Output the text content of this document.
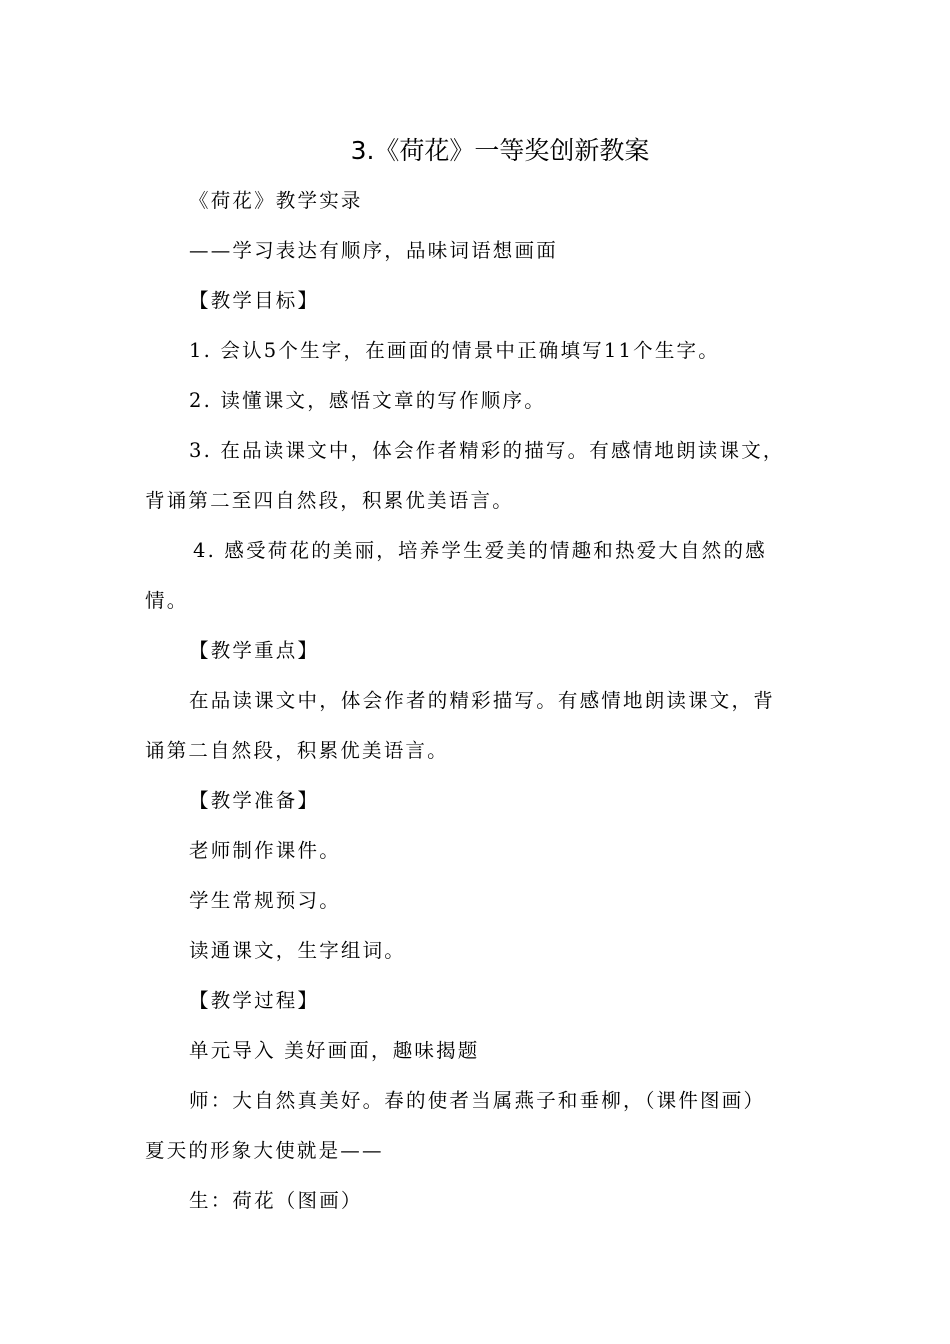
3.《荷花》一等奖创新教案

《荷花》教学实录

——学习表达有顺序，品味词语想画面

【教学目标】

1. 会认5个生字，在画面的情景中正确填写11个生字。

2. 读懂课文，感悟文章的写作顺序。

3. 在品读课文中，体会作者精彩的描写。有感情地朗读课文，

背诵第二至四自然段，积累优美语言。

4. 感受荷花的美丽，培养学生爱美的情趣和热爱大自然的感

情。

【教学重点】

在品读课文中，体会作者的精彩描写。有感情地朗读课文，背

诵第二自然段，积累优美语言。

【教学准备】

老师制作课件。

学生常规预习。

读通课文，生字组词。

【教学过程】

单元导入 美好画面，趣味揭题

师：大自然真美好。春的使者当属燕子和垂柳，（课件图画）

夏天的形象大使就是——

生：荷花（图画）
